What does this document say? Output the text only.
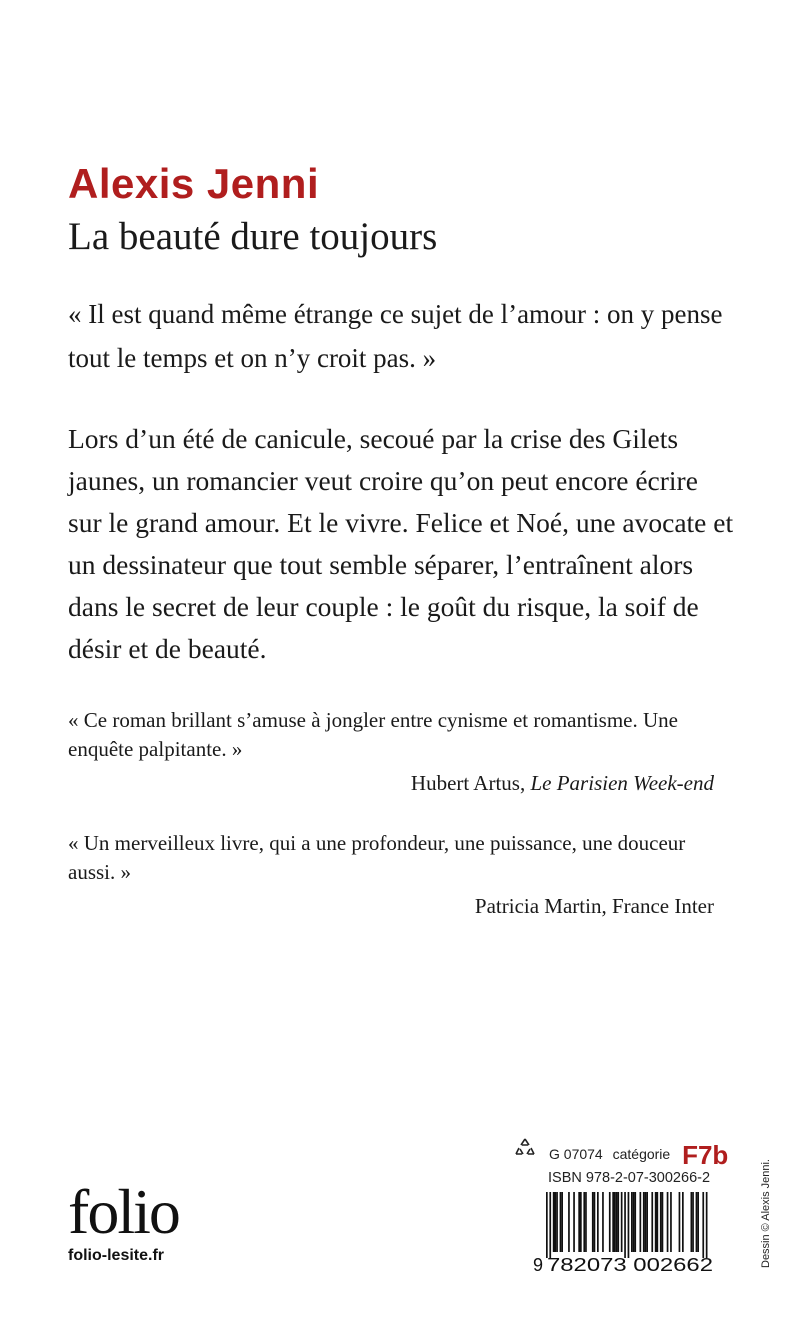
Alexis Jenni
La beauté dure toujours
« Il est quand même étrange ce sujet de l’amour : on y pense tout le temps et on n’y croit pas. »
Lors d’un été de canicule, secoué par la crise des Gilets jaunes, un romancier veut croire qu’on peut encore écrire sur le grand amour. Et le vivre. Felice et Noé, une avocate et un dessinateur que tout semble séparer, l’entraînent alors dans le secret de leur couple : le goût du risque, la soif de désir et de beauté.
« Ce roman brillant s’amuse à jongler entre cynisme et romantisme. Une enquête palpitante. »
Hubert Artus, Le Parisien Week-end
« Un merveilleux livre, qui a une profondeur, une puissance, une douceur aussi. »
Patricia Martin, France Inter
G 07074 catégorie F7b
ISBN 978-2-07-300266-2
9 782073 002662
folio
folio-lesite.fr	Dessin © Alexis Jenni.
